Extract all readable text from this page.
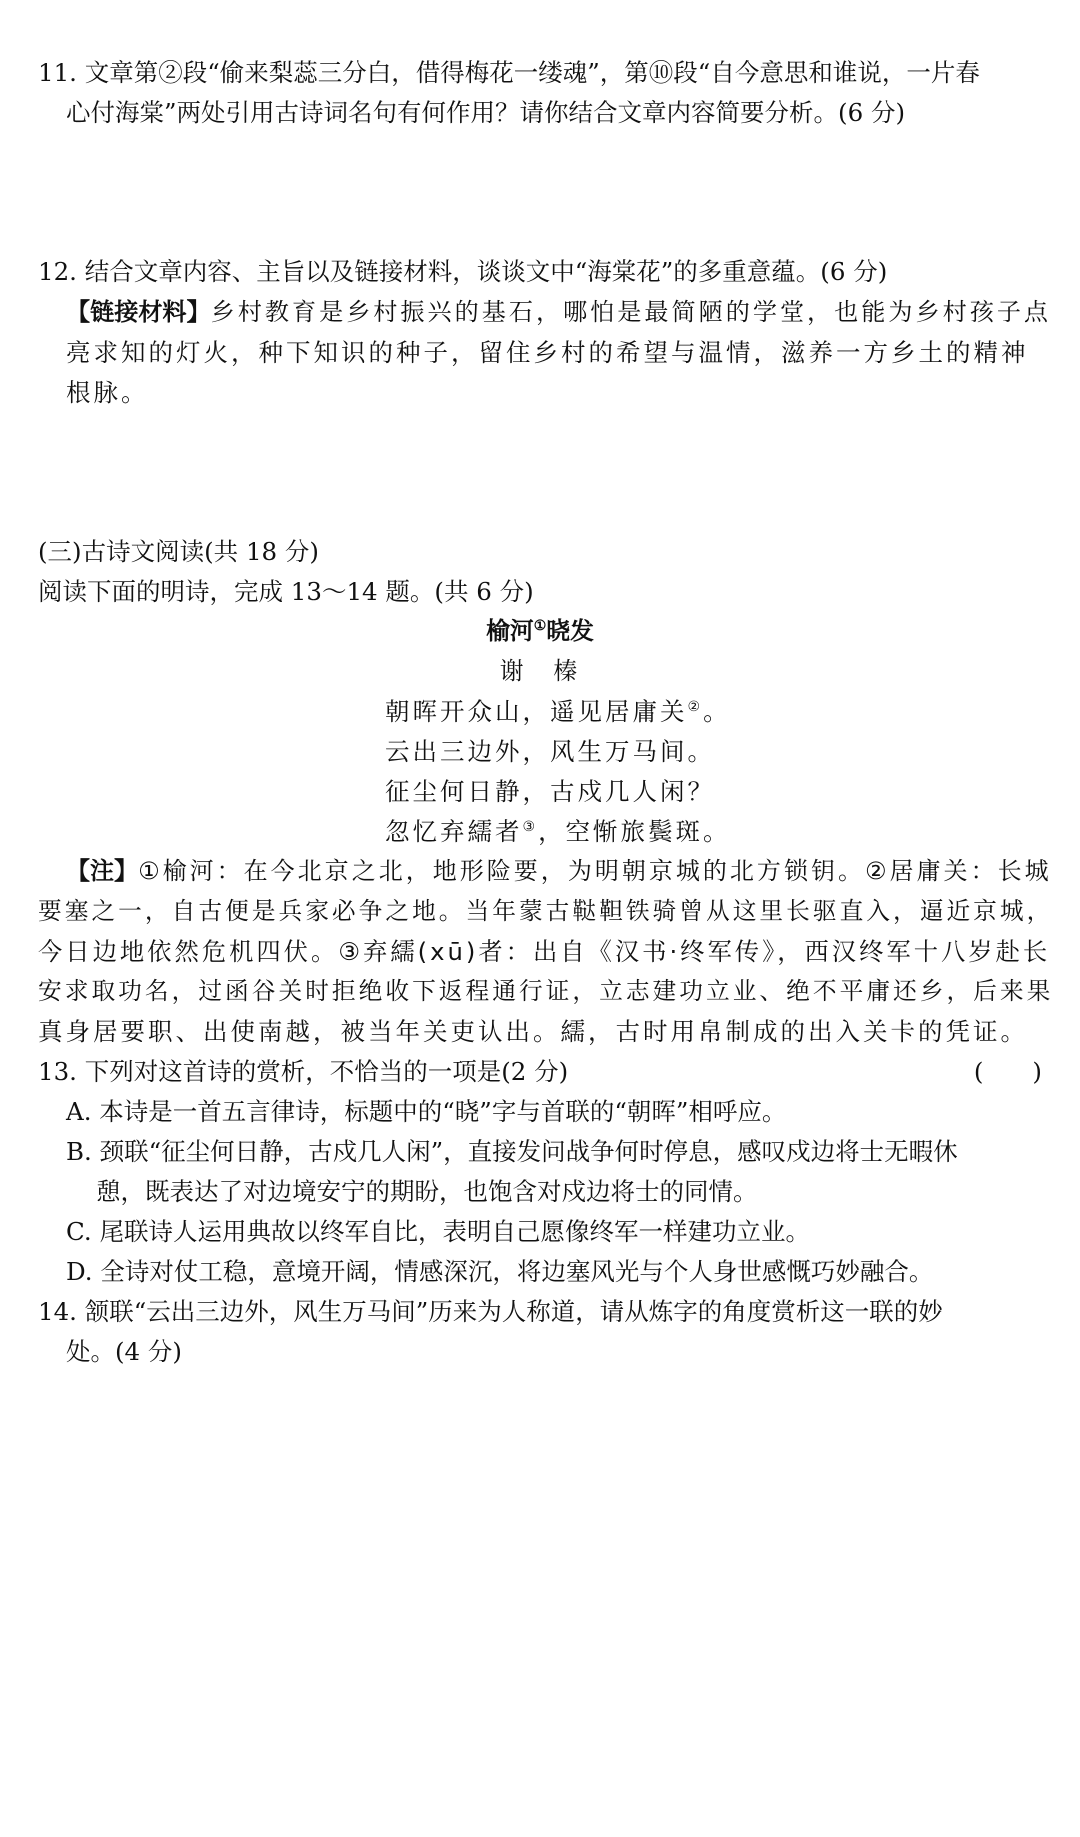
11. 文章第②段“偷来梨蕊三分白，借得梅花一缕魂”，第⑩段“自今意思和谁说，一片春
心付海棠”两处引用古诗词名句有何作用？请你结合文章内容简要分析。(6 分)
12. 结合文章内容、主旨以及链接材料，谈谈文中“海棠花”的多重意蕴。(6 分)
【链接材料】乡村教育是乡村振兴的基石，哪怕是最简陋的学堂，也能为乡村孩子点
亮求知的灯火，种下知识的种子，留住乡村的希望与温情，滋养一方乡土的精神
根脉。
(三)古诗文阅读(共 18 分)
阅读下面的明诗，完成 13～14 题。(共 6 分)
榆河①晓发
谢　榛
朝晖开众山，遥见居庸关②。
云出三边外，风生万马间。
征尘何日静，古戍几人闲？
忽忆弃繻者③，空惭旅鬓斑。
【注】①榆河：在今北京之北，地形险要，为明朝京城的北方锁钥。②居庸关：长城
要塞之一，自古便是兵家必争之地。当年蒙古鞑靼铁骑曾从这里长驱直入，逼近京城，
今日边地依然危机四伏。③弃繻(xū)者：出自《汉书·终军传》，西汉终军十八岁赴长
安求取功名，过函谷关时拒绝收下返程通行证，立志建功立业、绝不平庸还乡，后来果
真身居要职、出使南越，被当年关吏认出。繻，古时用帛制成的出入关卡的凭证。
13. 下列对这首诗的赏析，不恰当的一项是(2 分)	(　　)
A. 本诗是一首五言律诗，标题中的“晓”字与首联的“朝晖”相呼应。
B. 颈联“征尘何日静，古戍几人闲”，直接发问战争何时停息，感叹戍边将士无暇休
憩，既表达了对边境安宁的期盼，也饱含对戍边将士的同情。
C. 尾联诗人运用典故以终军自比，表明自己愿像终军一样建功立业。
D. 全诗对仗工稳，意境开阔，情感深沉，将边塞风光与个人身世感慨巧妙融合。
14. 颔联“云出三边外，风生万马间”历来为人称道，请从炼字的角度赏析这一联的妙
处。(4 分)
